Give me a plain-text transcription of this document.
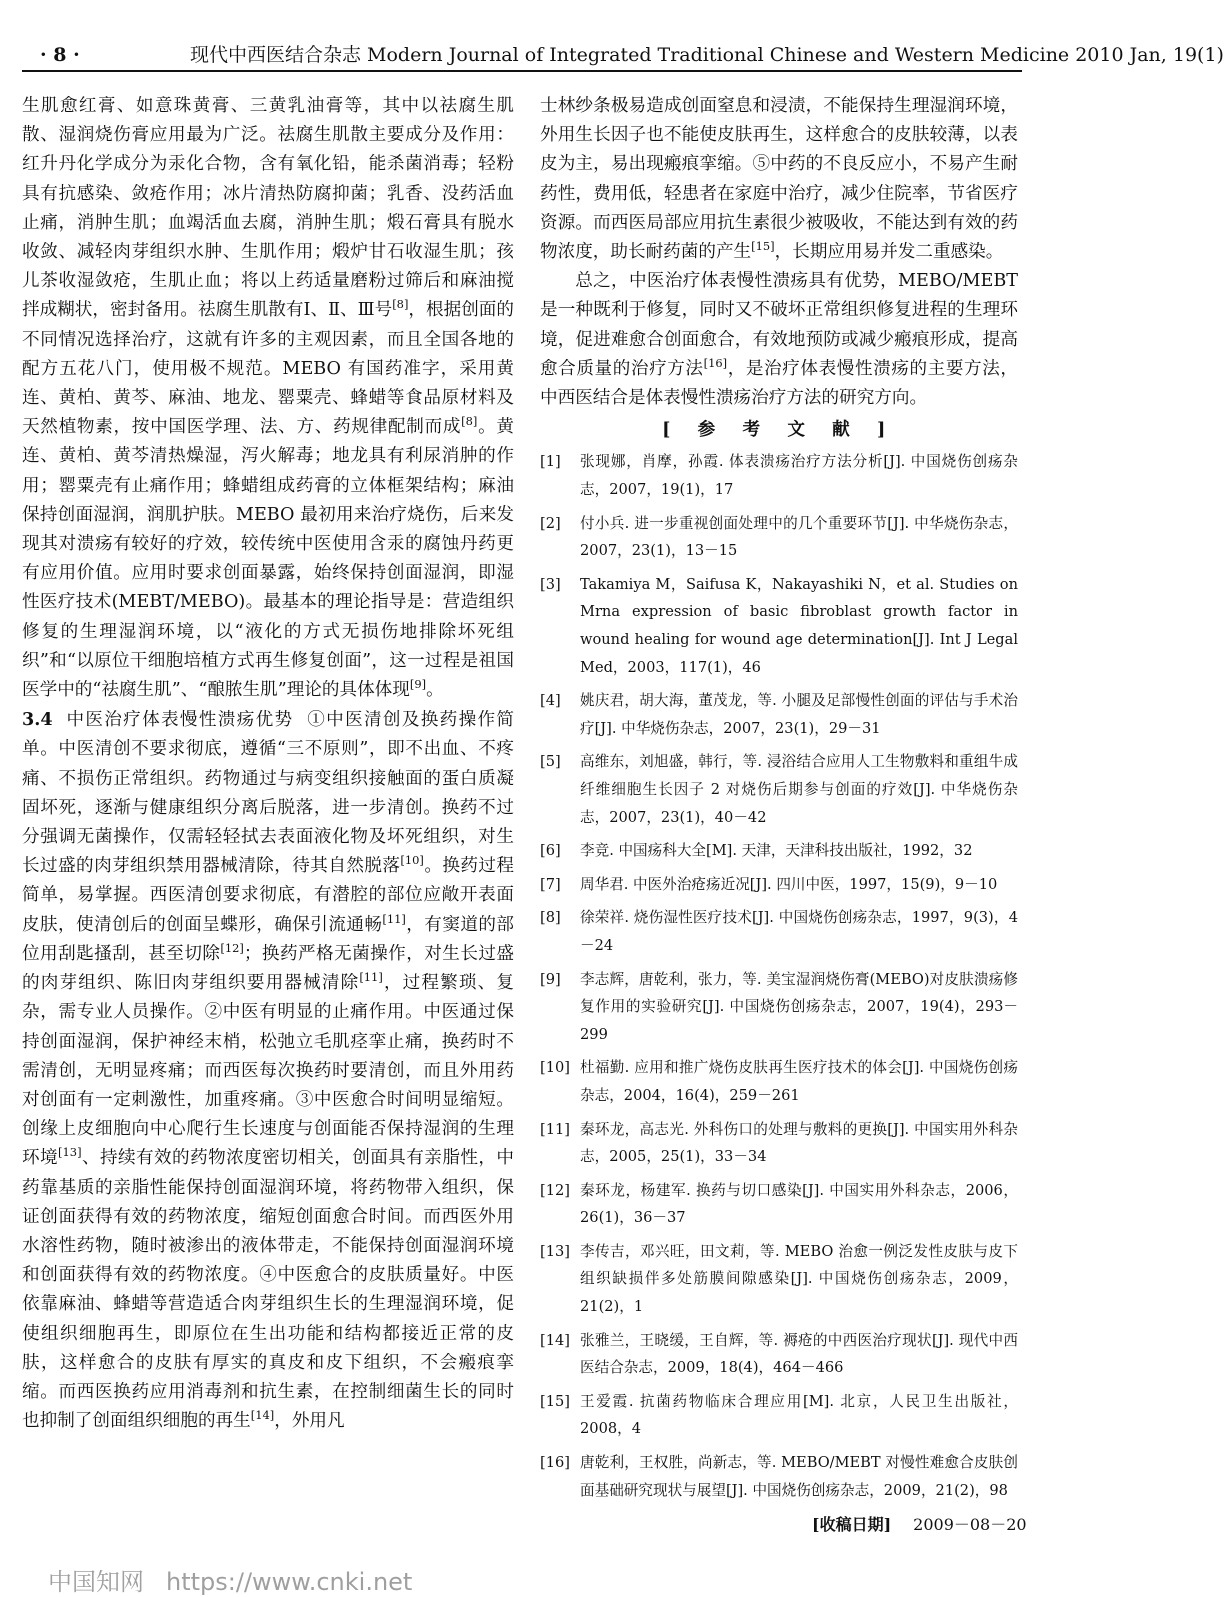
· 8 ·	现代中西医结合杂志 Modern Journal of Integrated Traditional Chinese and Western Medicine 2010 Jan, 19(1)

生肌愈红膏、如意珠黄膏、三黄乳油膏等，其中以祛腐生肌散、湿润烧伤膏应用最为广泛。祛腐生肌散主要成分及作用：红升丹化学成分为汞化合物，含有氧化铅，能杀菌消毒；轻粉具有抗感染、敛疮作用；冰片清热防腐抑菌；乳香、没药活血止痛，消肿生肌；血竭活血去腐，消肿生肌；煅石膏具有脱水收敛、减轻肉芽组织水肿、生肌作用；煅炉甘石收湿生肌；孩儿茶收湿敛疮，生肌止血；将以上药适量磨粉过筛后和麻油搅拌成糊状，密封备用。祛腐生肌散有Ⅰ、Ⅱ、Ⅲ号[8]，根据创面的不同情况选择治疗，这就有许多的主观因素，而且全国各地的配方五花八门，使用极不规范。MEBO 有国药准字，采用黄连、黄柏、黄芩、麻油、地龙、罂粟壳、蜂蜡等食品原材料及天然植物素，按中国医学理、法、方、药规律配制而成[8]。黄连、黄柏、黄芩清热燥湿，泻火解毒；地龙具有利尿消肿的作用；罂粟壳有止痛作用；蜂蜡组成药膏的立体框架结构；麻油保持创面湿润，润肌护肤。MEBO 最初用来治疗烧伤，后来发现其对溃疡有较好的疗效，较传统中医使用含汞的腐蚀丹药更有应用价值。应用时要求创面暴露，始终保持创面湿润，即湿性医疗技术(MEBT/MEBO)。最基本的理论指导是：营造组织修复的生理湿润环境，以“液化的方式无损伤地排除坏死组织”和“以原位干细胞培植方式再生修复创面”，这一过程是祖国医学中的“祛腐生肌”、“酿脓生肌”理论的具体体现[9]。

3.4 中医治疗体表慢性溃疡优势 ①中医清创及换药操作简单。中医清创不要求彻底，遵循“三不原则”，即不出血、不疼痛、不损伤正常组织。药物通过与病变组织接触面的蛋白质凝固坏死，逐渐与健康组织分离后脱落，进一步清创。换药不过分强调无菌操作，仅需轻轻拭去表面液化物及坏死组织，对生长过盛的肉芽组织禁用器械清除，待其自然脱落[10]。换药过程简单，易掌握。西医清创要求彻底，有潜腔的部位应敞开表面皮肤，使清创后的创面呈蝶形，确保引流通畅[11]，有窦道的部位用刮匙搔刮，甚至切除[12]；换药严格无菌操作，对生长过盛的肉芽组织、陈旧肉芽组织要用器械清除[11]，过程繁琐、复杂，需专业人员操作。②中医有明显的止痛作用。中医通过保持创面湿润，保护神经末梢，松弛立毛肌痉挛止痛，换药时不需清创，无明显疼痛；而西医每次换药时要清创，而且外用药对创面有一定刺激性，加重疼痛。③中医愈合时间明显缩短。创缘上皮细胞向中心爬行生长速度与创面能否保持湿润的生理环境[13]、持续有效的药物浓度密切相关，创面具有亲脂性，中药靠基质的亲脂性能保持创面湿润环境，将药物带入组织，保证创面获得有效的药物浓度，缩短创面愈合时间。而西医外用水溶性药物，随时被渗出的液体带走，不能保持创面湿润环境和创面获得有效的药物浓度。④中医愈合的皮肤质量好。中医依靠麻油、蜂蜡等营造适合肉芽组织生长的生理湿润环境，促使组织细胞再生，即原位在生出功能和结构都接近正常的皮肤，这样愈合的皮肤有厚实的真皮和皮下组织，不会瘢痕挛缩。而西医换药应用消毒剂和抗生素，在控制细菌生长的同时也抑制了创面组织细胞的再生[14]，外用凡

士林纱条极易造成创面窒息和浸渍，不能保持生理湿润环境，外用生长因子也不能使皮肤再生，这样愈合的皮肤较薄，以表皮为主，易出现瘢痕挛缩。⑤中药的不良反应小，不易产生耐药性，费用低，轻患者在家庭中治疗，减少住院率，节省医疗资源。而西医局部应用抗生素很少被吸收，不能达到有效的药物浓度，助长耐药菌的产生[15]，长期应用易并发二重感染。

总之，中医治疗体表慢性溃疡具有优势，MEBO/MEBT 是一种既利于修复，同时又不破坏正常组织修复进程的生理环境，促进难愈合创面愈合，有效地预防或减少瘢痕形成，提高愈合质量的治疗方法[16]，是治疗体表慢性溃疡的主要方法，中西医结合是体表慢性溃疡治疗方法的研究方向。

[ 参 考 文 献 ]
[1] 张现娜，肖摩，孙霞. 体表溃疡治疗方法分析[J]. 中国烧伤创疡杂志，2007，19(1)，17
[2] 付小兵. 进一步重视创面处理中的几个重要环节[J]. 中华烧伤杂志，2007，23(1)，13－15
[3] Takamiya M，Saifusa K，Nakayashiki N，et al. Studies on Mrna expression of basic fibroblast growth factor in wound healing for wound age determination[J]. Int J Legal Med，2003，117(1)，46
[4] 姚庆君，胡大海，董茂龙，等. 小腿及足部慢性创面的评估与手术治疗[J]. 中华烧伤杂志，2007，23(1)，29－31
[5] 高维东，刘旭盛，韩行，等. 浸浴结合应用人工生物敷料和重组牛成纤维细胞生长因子 2 对烧伤后期参与创面的疗效[J]. 中华烧伤杂志，2007，23(1)，40－42
[6] 李竞. 中国疡科大全[M]. 天津，天津科技出版社，1992，32
[7] 周华君. 中医外治疮疡近况[J]. 四川中医，1997，15(9)，9－10
[8] 徐荣祥. 烧伤湿性医疗技术[J]. 中国烧伤创疡杂志，1997，9(3)，4－24
[9] 李志辉，唐乾利，张力，等. 美宝湿润烧伤膏(MEBO)对皮肤溃疡修复作用的实验研究[J]. 中国烧伤创疡杂志，2007，19(4)，293－299
[10] 杜福勤. 应用和推广烧伤皮肤再生医疗技术的体会[J]. 中国烧伤创疡杂志，2004，16(4)，259－261
[11] 秦环龙，高志光. 外科伤口的处理与敷料的更换[J]. 中国实用外科杂志，2005，25(1)，33－34
[12] 秦环龙，杨建军. 换药与切口感染[J]. 中国实用外科杂志，2006，26(1)，36－37
[13] 李传吉，邓兴旺，田文莉，等. MEBO 治愈一例泛发性皮肤与皮下组织缺损伴多处筋膜间隙感染[J]. 中国烧伤创疡杂志，2009，21(2)，1
[14] 张雅兰，王晓缓，王自辉，等. 褥疮的中西医治疗现状[J]. 现代中西医结合杂志，2009，18(4)，464－466
[15] 王爱霞. 抗菌药物临床合理应用[M]. 北京，人民卫生出版社，2008，4
[16] 唐乾利，王权胜，尚新志，等. MEBO/MEBT 对慢性难愈合皮肤创面基础研究现状与展望[J]. 中国烧伤创疡杂志，2009，21(2)，98
[收稿日期] 2009－08－20
中国知网 https://www.cnki.net
